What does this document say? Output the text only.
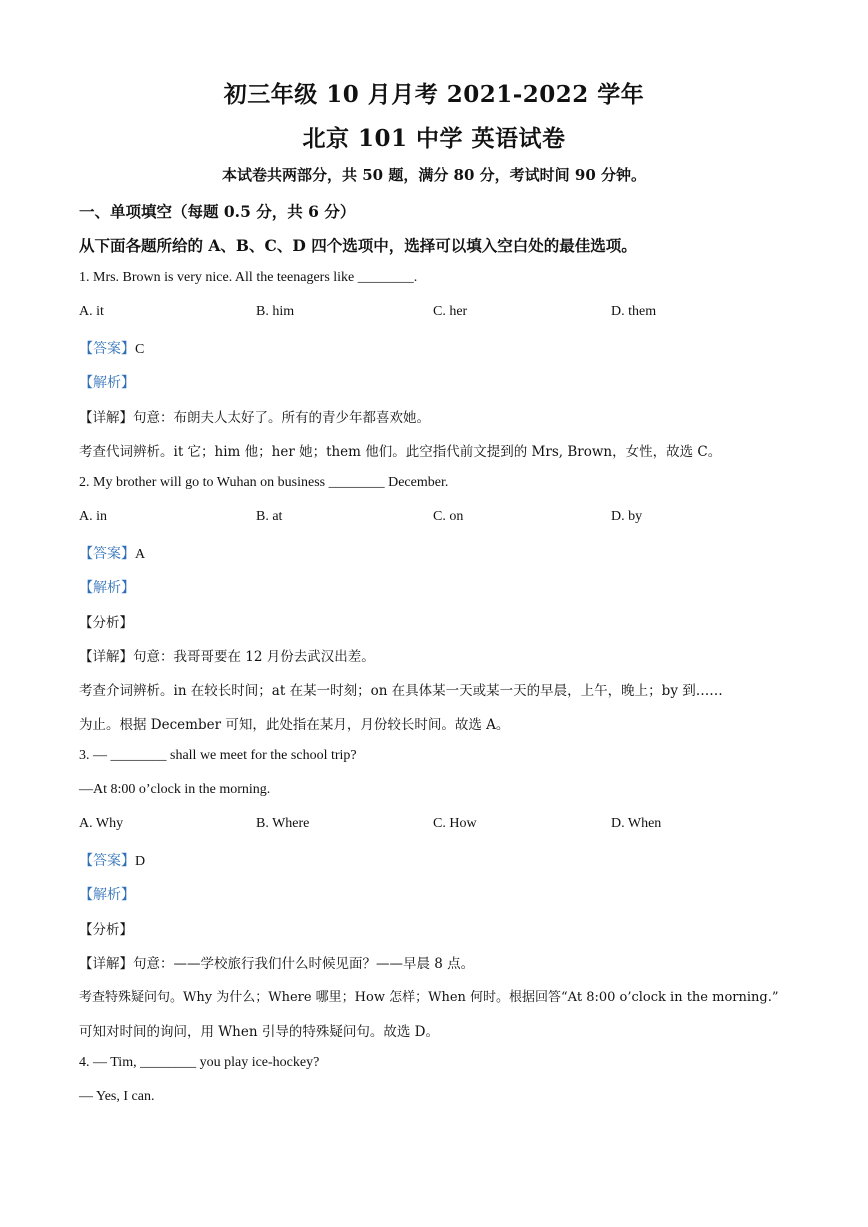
初三年级 10 月月考 2021-2022 学年
北京 101 中学 英语试卷
本试卷共两部分，共 50 题，满分 80 分，考试时间 90 分钟。
一、单项填空（每题 0.5 分，共 6 分）
从下面各题所给的 A、B、C、D 四个选项中，选择可以填入空白处的最佳选项。
1. Mrs. Brown is very nice. All the teenagers like ________.
A. it	B. him	C. her	D. them
【答案】C
【解析】
【详解】句意：布朗夫人太好了。所有的青少年都喜欢她。
考查代词辨析。it 它；him 他；her 她；them 他们。此空指代前文提到的 Mrs, Brown，女性，故选 C。
2. My brother will go to Wuhan on business ________ December.
A. in	B. at	C. on	D. by
【答案】A
【解析】
【分析】
【详解】句意：我哥哥要在 12 月份去武汉出差。
考查介词辨析。in 在较长时间；at 在某一时刻；on 在具体某一天或某一天的早晨，上午，晚上；by 到……
为止。根据 December 可知，此处指在某月，月份较长时间。故选 A。
3. — ________ shall we meet for the school trip?
—At 8:00 o’clock in the morning.
A. Why	B. Where	C. How	D. When
【答案】D
【解析】
【分析】
【详解】句意：——学校旅行我们什么时候见面？——早晨 8 点。
考查特殊疑问句。Why 为什么；Where 哪里；How 怎样；When 何时。根据回答“At 8:00 o’clock in the morning.”
可知对时间的询问，用 When 引导的特殊疑问句。故选 D。
4. — Tim, ________ you play ice-hockey?
— Yes, I can.
